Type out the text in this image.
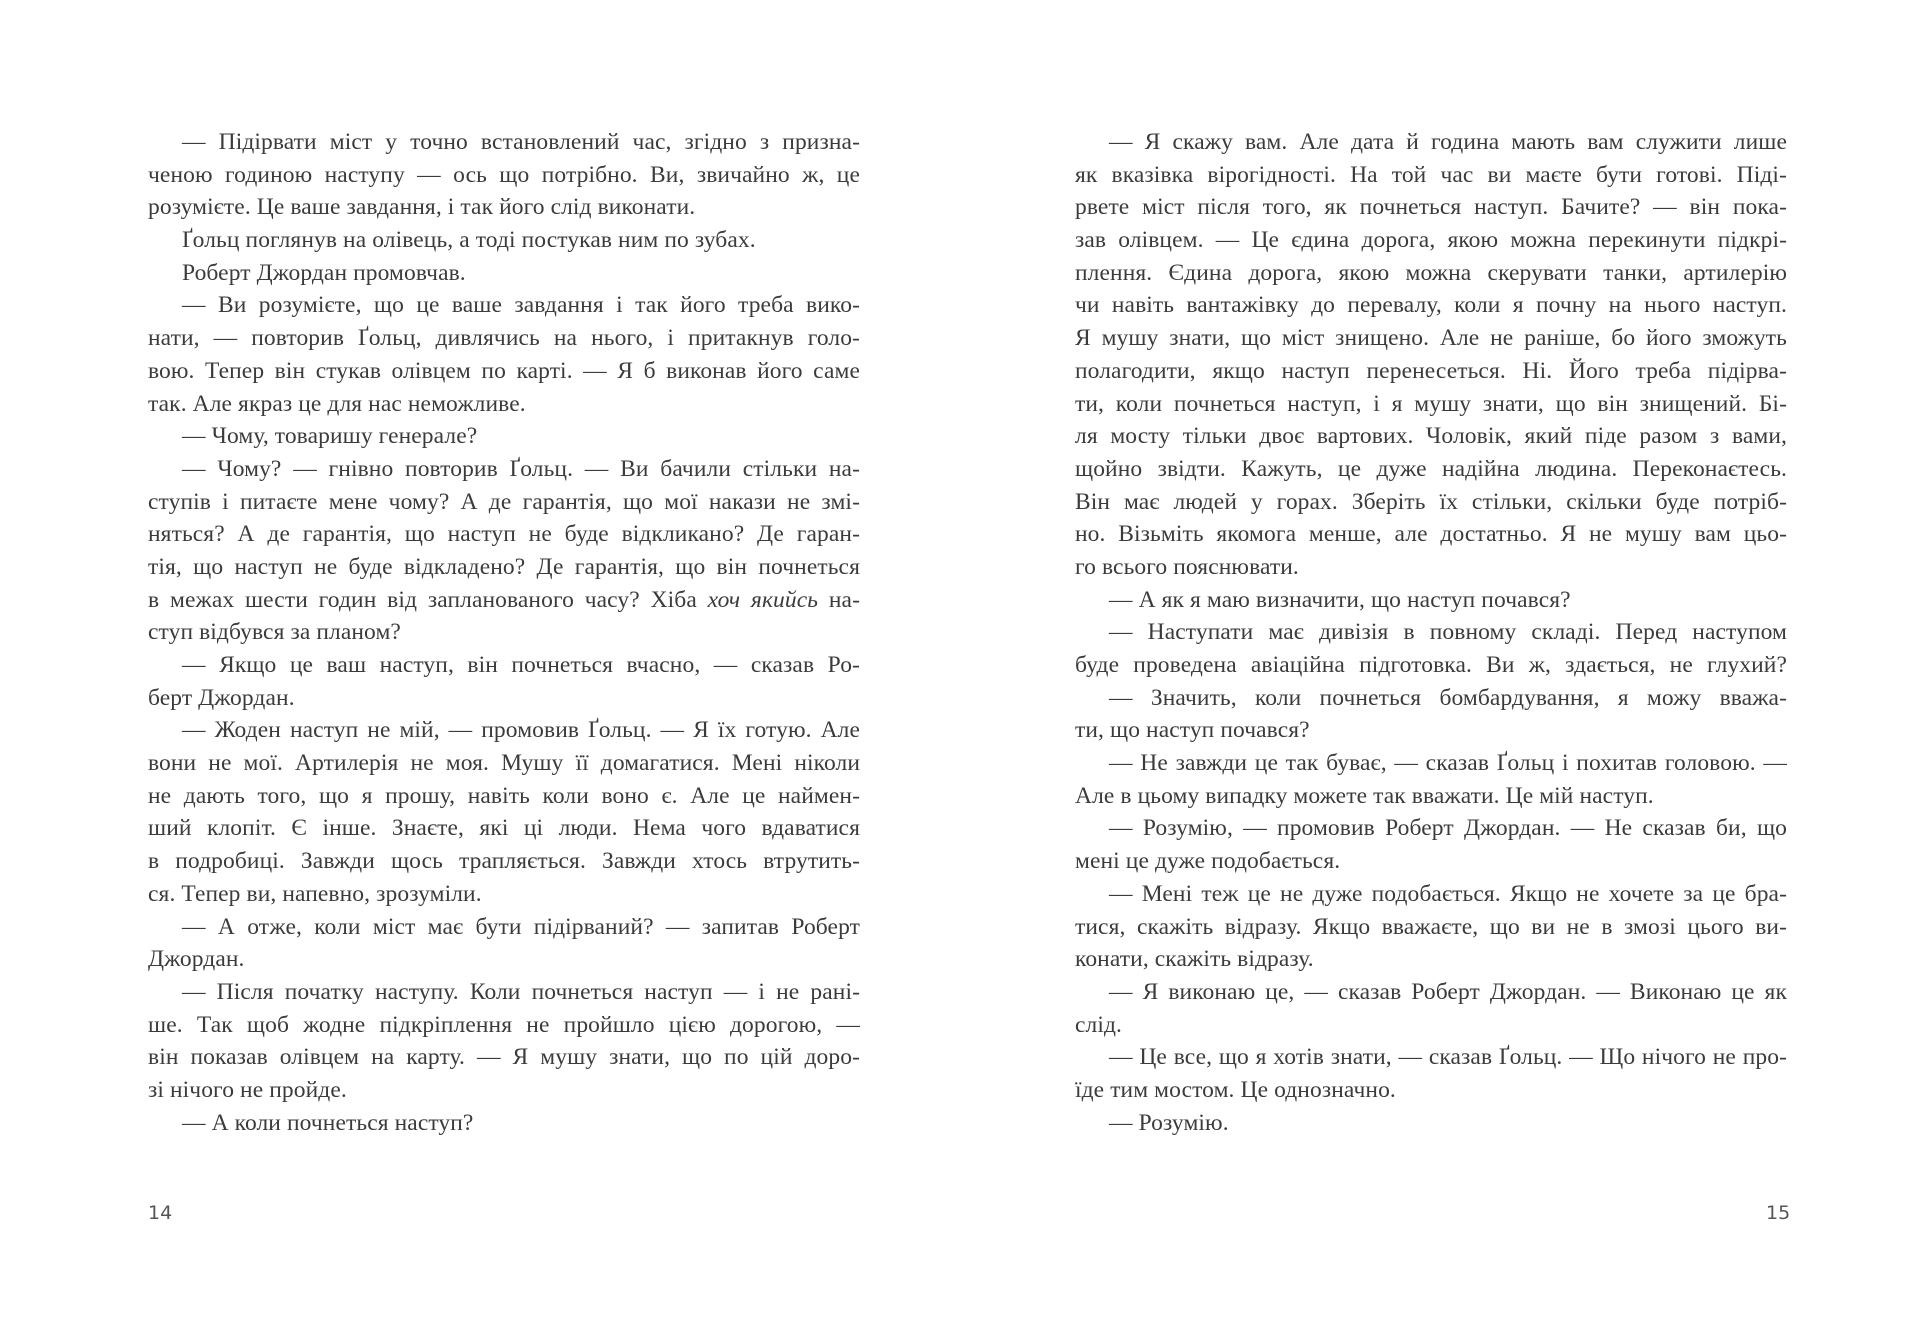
— Підірвати міст у точно встановлений час, згідно з призна-
ченою годиною наступу — ось що потрібно. Ви, звичайно ж, це
розумієте. Це ваше завдання, і так його слід виконати.
Ґольц поглянув на олівець, а тоді постукав ним по зубах.
Роберт Джордан промовчав.
— Ви розумієте, що це ваше завдання і так його треба вико-
нати, — повторив Ґольц, дивлячись на нього, і притакнув голо-
вою. Тепер він стукав олівцем по карті. — Я б виконав його саме
так. Але якраз це для нас неможливе.
— Чому, товаришу генерале?
— Чому? — гнівно повторив Ґольц. — Ви бачили стільки на-
ступів і питаєте мене чому? А де гарантія, що мої накази не змі-
няться? А де гарантія, що наступ не буде відкликано? Де гаран-
тія, що наступ не буде відкладено? Де гарантія, що він почнеться
в межах шести годин від запланованого часу? Хіба хоч якийсь на-
ступ відбувся за планом?
— Якщо це ваш наступ, він почнеться вчасно, — сказав Ро-
берт Джордан.
— Жоден наступ не мій, — промовив Ґольц. — Я їх готую. Але
вони не мої. Артилерія не моя. Мушу її домагатися. Мені ніколи
не дають того, що я прошу, навіть коли воно є. Але це наймен-
ший клопіт. Є інше. Знаєте, які ці люди. Нема чого вдаватися
в подробиці. Завжди щось трапляється. Завжди хтось втрутить-
ся. Тепер ви, напевно, зрозуміли.
— А отже, коли міст має бути підірваний? — запитав Роберт
Джордан.
— Після початку наступу. Коли почнеться наступ — і не рані-
ше. Так щоб жодне підкріплення не пройшло цією дорогою, —
він показав олівцем на карту. — Я мушу знати, що по цій доро-
зі нічого не пройде.
— А коли почнеться наступ?
— Я скажу вам. Але дата й година мають вам служити лише
як вказівка вірогідності. На той час ви маєте бути готові. Піді-
рвете міст після того, як почнеться наступ. Бачите? — він пока-
зав олівцем. — Це єдина дорога, якою можна перекинути підкрі-
плення. Єдина дорога, якою можна скерувати танки, артилерію
чи навіть вантажівку до перевалу, коли я почну на нього наступ.
Я мушу знати, що міст знищено. Але не раніше, бо його зможуть
полагодити, якщо наступ перенесеться. Ні. Його треба підірва-
ти, коли почнеться наступ, і я мушу знати, що він знищений. Бі-
ля мосту тільки двоє вартових. Чоловік, який піде разом з вами,
щойно звідти. Кажуть, це дуже надійна людина. Переконаєтесь.
Він має людей у горах. Зберіть їх стільки, скільки буде потріб-
но. Візьміть якомога менше, але достатньо. Я не мушу вам цьо-
го всього пояснювати.
— А як я маю визначити, що наступ почався?
— Наступати має дивізія в повному складі. Перед наступом
буде проведена авіаційна підготовка. Ви ж, здається, не глухий?
— Значить, коли почнеться бомбардування, я можу вважа-
ти, що наступ почався?
— Не завжди це так буває, — сказав Ґольц і похитав головою. —
Але в цьому випадку можете так вважати. Це мій наступ.
— Розумію, — промовив Роберт Джордан. — Не сказав би, що
мені це дуже подобається.
— Мені теж це не дуже подобається. Якщо не хочете за це бра-
тися, скажіть відразу. Якщо вважаєте, що ви не в змозі цього ви-
конати, скажіть відразу.
— Я виконаю це, — сказав Роберт Джордан. — Виконаю це як
слід.
— Це все, що я хотів знати, — сказав Ґольц. — Що нічого не про-
їде тим мостом. Це однозначно.
— Розумію.
14	15
